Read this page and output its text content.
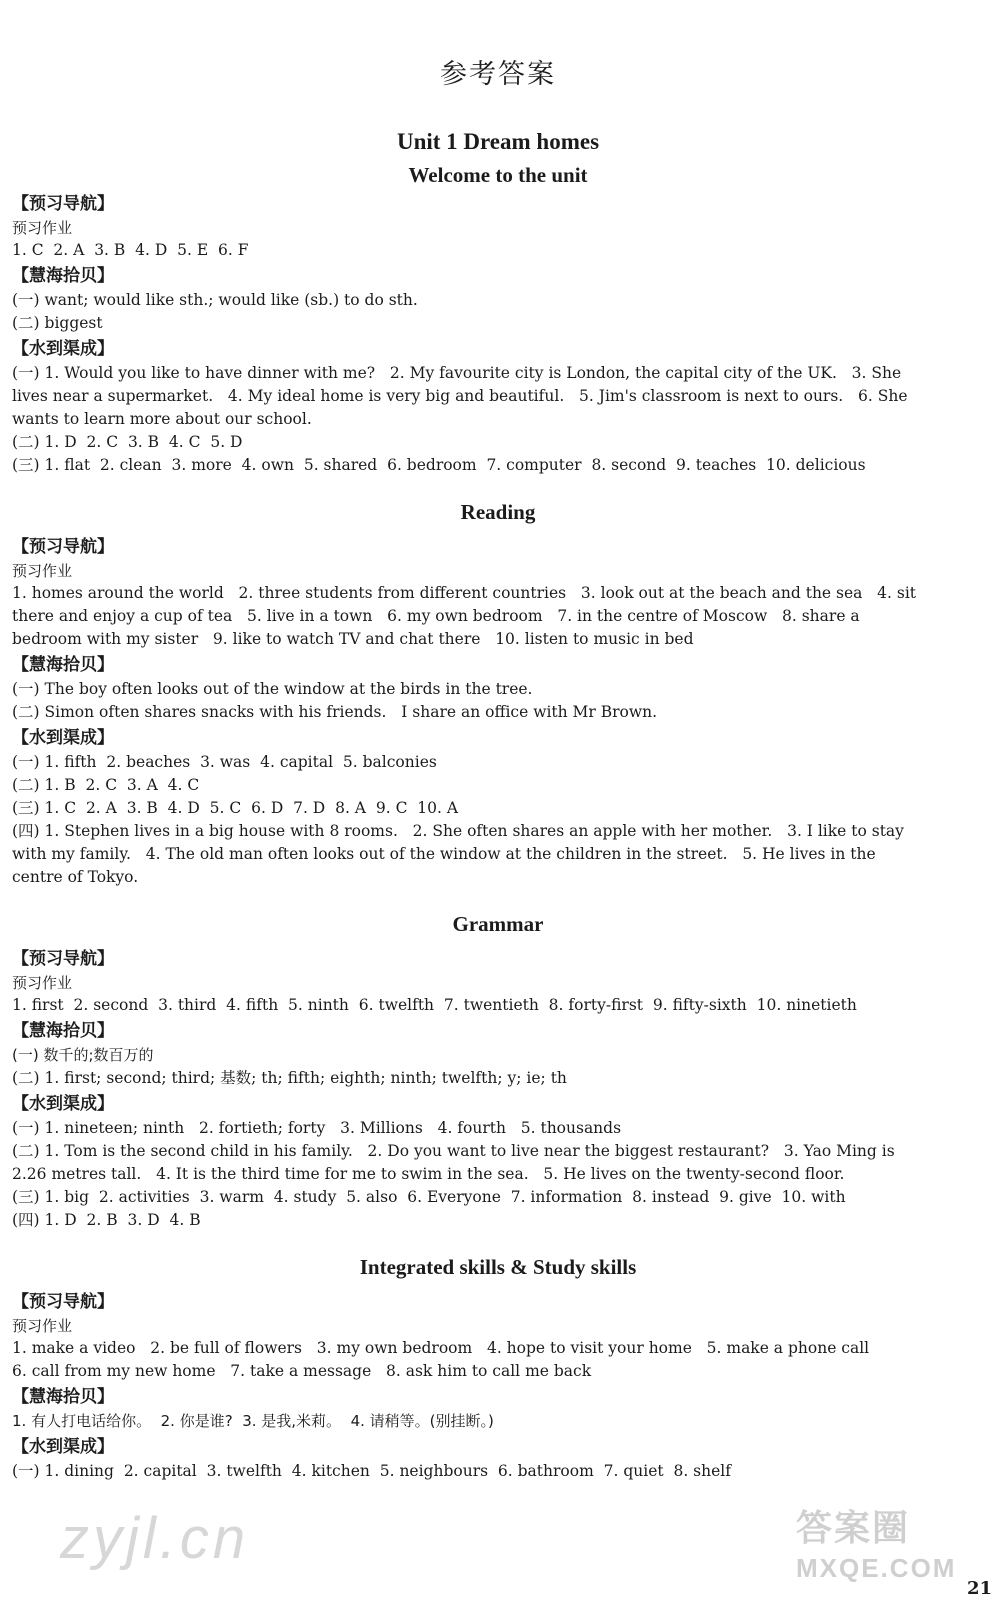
参考答案
Unit 1 Dream homes
Welcome to the unit
【预习导航】
预习作业
1. C  2. A  3. B  4. D  5. E  6. F
【慧海拾贝】
(一) want; would like sth.; would like (sb.) to do sth.
(二) biggest
【水到渠成】
(一) 1. Would you like to have dinner with me?   2. My favourite city is London, the capital city of the UK.   3. She
lives near a supermarket.   4. My ideal home is very big and beautiful.   5. Jim's classroom is next to ours.   6. She
wants to learn more about our school.
(二) 1. D  2. C  3. B  4. C  5. D
(三) 1. flat  2. clean  3. more  4. own  5. shared  6. bedroom  7. computer  8. second  9. teaches  10. delicious
Reading
【预习导航】
预习作业
1. homes around the world   2. three students from different countries   3. look out at the beach and the sea   4. sit
there and enjoy a cup of tea   5. live in a town   6. my own bedroom   7. in the centre of Moscow   8. share a
bedroom with my sister   9. like to watch TV and chat there   10. listen to music in bed
【慧海拾贝】
(一) The boy often looks out of the window at the birds in the tree.
(二) Simon often shares snacks with his friends.   I share an office with Mr Brown.
【水到渠成】
(一) 1. fifth  2. beaches  3. was  4. capital  5. balconies
(二) 1. B  2. C  3. A  4. C
(三) 1. C  2. A  3. B  4. D  5. C  6. D  7. D  8. A  9. C  10. A
(四) 1. Stephen lives in a big house with 8 rooms.   2. She often shares an apple with her mother.   3. I like to stay
with my family.   4. The old man often looks out of the window at the children in the street.   5. He lives in the
centre of Tokyo.
Grammar
【预习导航】
预习作业
1. first  2. second  3. third  4. fifth  5. ninth  6. twelfth  7. twentieth  8. forty-first  9. fifty-sixth  10. ninetieth
【慧海拾贝】
(一) 数千的;数百万的
(二) 1. first; second; third; 基数; th; fifth; eighth; ninth; twelfth; y; ie; th
【水到渠成】
(一) 1. nineteen; ninth   2. fortieth; forty   3. Millions   4. fourth   5. thousands
(二) 1. Tom is the second child in his family.   2. Do you want to live near the biggest restaurant?   3. Yao Ming is
2.26 metres tall.   4. It is the third time for me to swim in the sea.   5. He lives on the twenty-second floor.
(三) 1. big  2. activities  3. warm  4. study  5. also  6. Everyone  7. information  8. instead  9. give  10. with
(四) 1. D  2. B  3. D  4. B
Integrated skills & Study skills
【预习导航】
预习作业
1. make a video   2. be full of flowers   3. my own bedroom   4. hope to visit your home   5. make a phone call
6. call from my new home   7. take a message   8. ask him to call me back
【慧海拾贝】
1. 有人打电话给你。  2. 你是谁?  3. 是我,米莉。  4. 请稍等。(别挂断。)
【水到渠成】
(一) 1. dining  2. capital  3. twelfth  4. kitchen  5. neighbours  6. bathroom  7. quiet  8. shelf
zyjl.cn	答案圈
MXQE.COM
21
